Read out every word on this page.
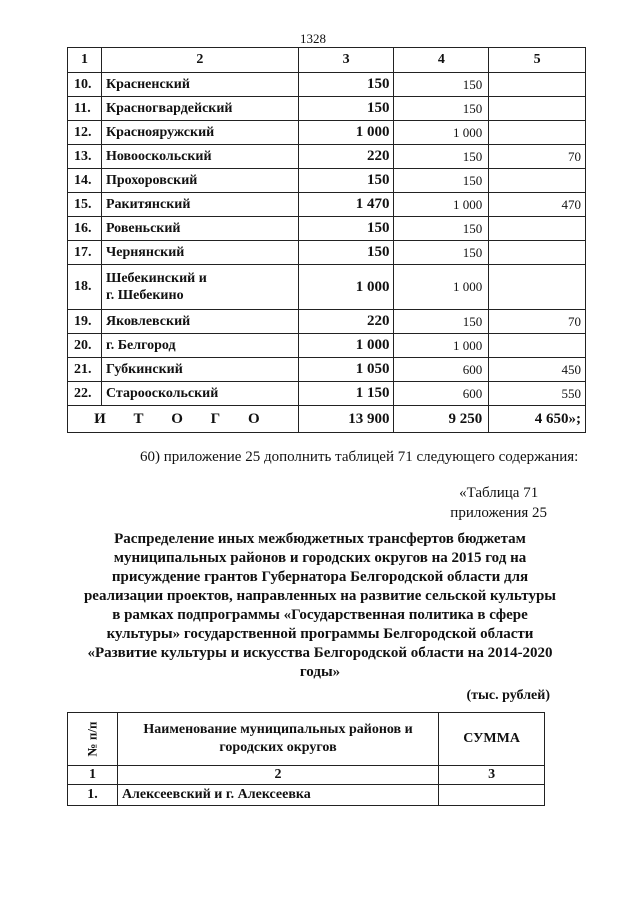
1328
1	2	3	4	5
10.	Красненский	150	150	
11.	Красногвардейский	150	150	
12.	Краснояружский	1 000	1 000	
13.	Новооскольский	220	150	70
14.	Прохоровский	150	150	
15.	Ракитянский	1 470	1 000	470
16.	Ровеньский	150	150	
17.	Чернянский	150	150	
18.	Шебекинский и
г. Шебекино	1 000	1 000	
19.	Яковлевский	220	150	70
20.	г. Белгород	1 000	1 000	
21.	Губкинский	1 050	600	450
22.	Старооскольский	1 150	600	550
И Т О Г О		13 900	9 250	4 650»;
60) приложение 25 дополнить таблицей 71 следующего содержания:
«Таблица 71
приложения 25
Распределение иных межбюджетных трансфертов бюджетам
муниципальных районов и городских округов на 2015 год на
присуждение грантов Губернатора Белгородской области для
реализации проектов, направленных на развитие сельской культуры
в рамках подпрограммы «Государственная политика в сфере
культуры» государственной программы Белгородской области
«Развитие культуры и искусства Белгородской области на 2014-2020
годы»
(тыс. рублей)
№ п/п	Наименование муниципальных районов и городских округов	СУММА
1	2	3
1.	Алексеевский и г. Алексеевка	
